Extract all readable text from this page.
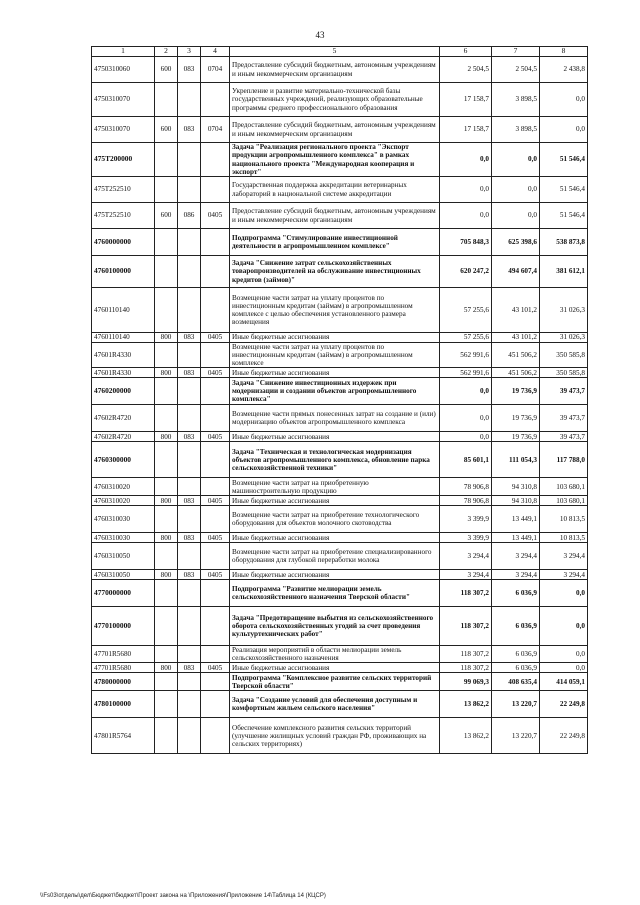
43
1	2	3	4	5	6	7	8
4750310060	600	083	0704	Предоставление субсидий бюджетным, автономным учреждениям и иным некоммерческим организациям	2 504,5	2 504,5	2 438,8
4750310070				Укрепление и развитие материально-технической базы государственных учреждений, реализующих образовательные программы среднего профессионального образования	17 158,7	3 898,5	0,0
4750310070	600	083	0704	Предоставление субсидий бюджетным, автономным учреждениям и иным некоммерческим организациям	17 158,7	3 898,5	0,0
475T200000				Задача "Реализация регионального проекта "Экспорт продукции агропромышленного комплекса" в рамках национального проекта "Международная кооперация и экспорт"	0,0	0,0	51 546,4
475T252510				Государственная поддержка аккредитации ветеринарных лабораторий в национальной системе аккредитации	0,0	0,0	51 546,4
475T252510	600	086	0405	Предоставление субсидий бюджетным, автономным учреждениям и иным некоммерческим организациям	0,0	0,0	51 546,4
4760000000				Подпрограмма "Стимулирование инвестиционной деятельности в агропромышленном комплексе"	705 848,3	625 398,6	538 873,8
4760100000				Задача "Снижение затрат сельскохозяйственных товаропроизводителей на обслуживание инвестиционных кредитов (займов)"	620 247,2	494 607,4	381 612,1
4760110140				Возмещение части затрат на уплату процентов по инвестиционным кредитам (займам) в агропромышленном комплексе с целью обеспечения установленного размера возмещения	57 255,6	43 101,2	31 026,3
4760110140	800	083	0405	Иные бюджетные ассигнования	57 255,6	43 101,2	31 026,3
47601R4330				Возмещение части затрат на уплату процентов по инвестиционным кредитам (займам) в агропромышленном комплексе	562 991,6	451 506,2	350 585,8
47601R4330	800	083	0405	Иные бюджетные ассигнования	562 991,6	451 506,2	350 585,8
4760200000				Задача "Снижение инвестиционных издержек при модернизации и создании объектов агропромышленного комплекса"	0,0	19 736,9	39 473,7
47602R4720				Возмещение части прямых понесенных затрат на создание и (или) модернизацию объектов агропромышленного комплекса	0,0	19 736,9	39 473,7
47602R4720	800	083	0405	Иные бюджетные ассигнования	0,0	19 736,9	39 473,7
4760300000				Задача "Техническая и технологическая модернизация объектов агропромышленного комплекса, обновление парка сельскохозяйственной техники"	85 601,1	111 054,3	117 788,0
4760310020				Возмещение части затрат на приобретенную машиностроительную продукцию	78 906,8	94 310,8	103 680,1
4760310020	800	083	0405	Иные бюджетные ассигнования	78 906,8	94 310,8	103 680,1
4760310030				Возмещение части затрат на приобретение технологического оборудования для объектов молочного скотоводства	3 399,9	13 449,1	10 813,5
4760310030	800	083	0405	Иные бюджетные ассигнования	3 399,9	13 449,1	10 813,5
4760310050				Возмещение части затрат на приобретение специализированного оборудования для глубокой переработки молока	3 294,4	3 294,4	3 294,4
4760310050	800	083	0405	Иные бюджетные ассигнования	3 294,4	3 294,4	3 294,4
4770000000				Подпрограмма "Развитие мелиорации земель сельскохозяйственного назначения Тверской области"	118 307,2	6 036,9	0,0
4770100000				Задача "Предотвращение выбытия из сельскохозяйственного оборота сельскохозяйственных угодий за счет проведения культуртехнических работ"	118 307,2	6 036,9	0,0
47701R5680				Реализация мероприятий в области мелиорации земель сельскохозяйственного назначения	118 307,2	6 036,9	0,0
47701R5680	800	083	0405	Иные бюджетные ассигнования	118 307,2	6 036,9	0,0
4780000000				Подпрограмма "Комплексное развитие сельских территорий Тверской области"	99 069,3	408 635,4	414 059,1
4780100000				Задача "Создание условий для обеспечения доступным и комфортным жильем сельского населения"	13 862,2	13 220,7	22 249,8
47801R5764				Обеспечение комплексного развития сельских территорий (улучшение жилищных условий граждан РФ, проживающих на сельских территориях)	13 862,2	13 220,7	22 249,8
\\Fs03\отделы\дел\Бюджет\бюджет\Проект закона на \Приложения\Приложение 14\Таблица 14 (КЦСР)
